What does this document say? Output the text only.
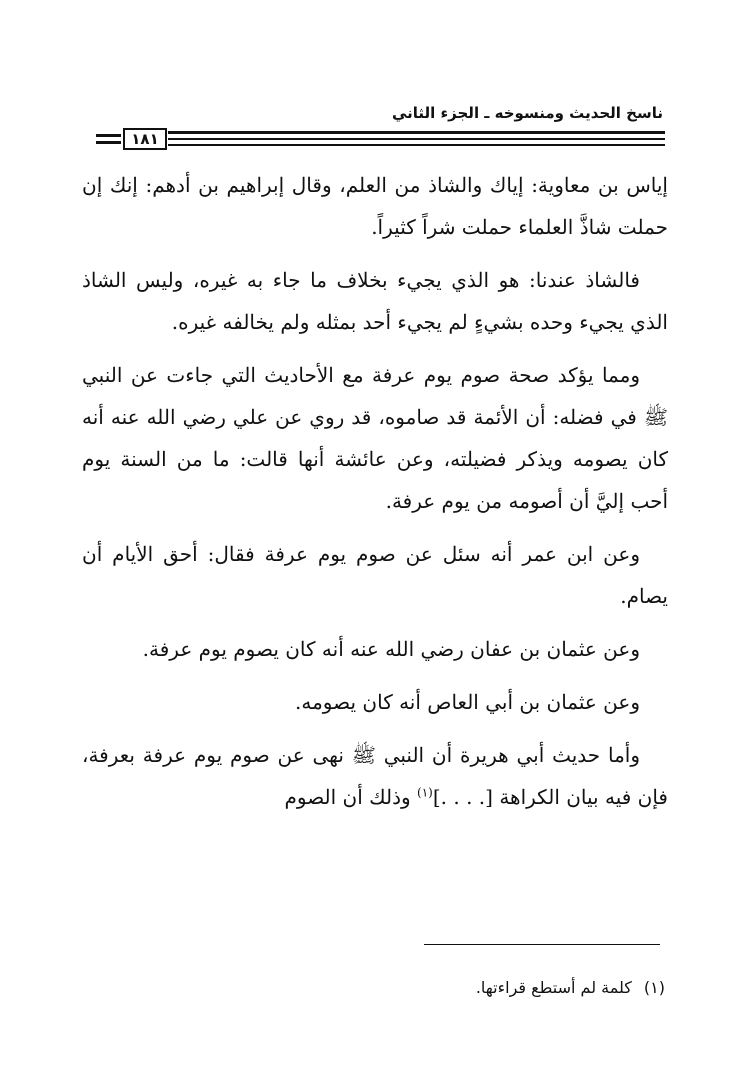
ناسخ الحديث ومنسوخه ـ الجزء الثاني
١٨١

إياس بن معاوية: إياك والشاذ من العلم، وقال إبراهيم بن أدهم: إنك إن حملت شاذَّ العلماء حملت شراً كثيراً.

فالشاذ عندنا: هو الذي يجيء بخلاف ما جاء به غيره، وليس الشاذ الذي يجيء وحده بشيءٍ لم يجيء أحد بمثله ولم يخالفه غيره.

ومما يؤكد صحة صوم يوم عرفة مع الأحاديث التي جاءت عن النبي ﷺ في فضله: أن الأئمة قد صاموه، قد روي عن علي رضي الله عنه أنه كان يصومه ويذكر فضيلته، وعن عائشة أنها قالت: ما من السنة يوم أحب إليَّ أن أصومه من يوم عرفة.

وعن ابن عمر أنه سئل عن صوم يوم عرفة فقال: أحق الأيام أن يصام.

وعن عثمان بن عفان رضي الله عنه أنه كان يصوم يوم عرفة.

وعن عثمان بن أبي العاص أنه كان يصومه.

وأما حديث أبي هريرة أن النبي ﷺ نهى عن صوم يوم عرفة بعرفة، فإن فيه بيان الكراهة [. . . .]$^{(١)}$ وذلك أن الصوم

(١)كلمة لم أستطع قراءتها.
